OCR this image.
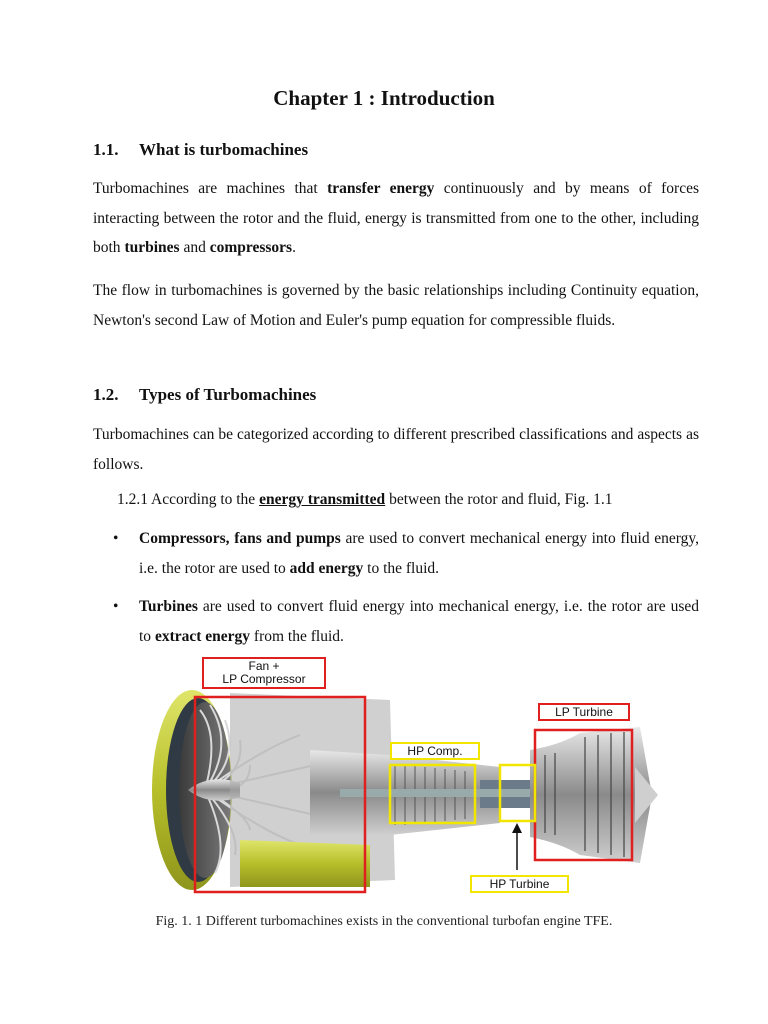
Chapter 1 : Introduction
1.1. What is turbomachines
Turbomachines are machines that transfer energy continuously and by means of forces interacting between the rotor and the fluid, energy is transmitted from one to the other, including both turbines and compressors.
The flow in turbomachines is governed by the basic relationships including Continuity equation, Newton's second Law of Motion and Euler's pump equation for compressible fluids.
1.2. Types of Turbomachines
Turbomachines can be categorized according to different prescribed classifications and aspects as follows.
1.2.1 According to the energy transmitted between the rotor and fluid, Fig. 1.1
• Compressors, fans and pumps are used to convert mechanical energy into fluid energy, i.e. the rotor are used to add energy to the fluid.
• Turbines are used to convert fluid energy into mechanical energy, i.e. the rotor are used to extract energy from the fluid.
Fan +
LP Compressor
LP Turbine
HP Comp.
HP Turbine
Fig. 1. 1 Different turbomachines exists in the conventional turbofan engine TFE.
